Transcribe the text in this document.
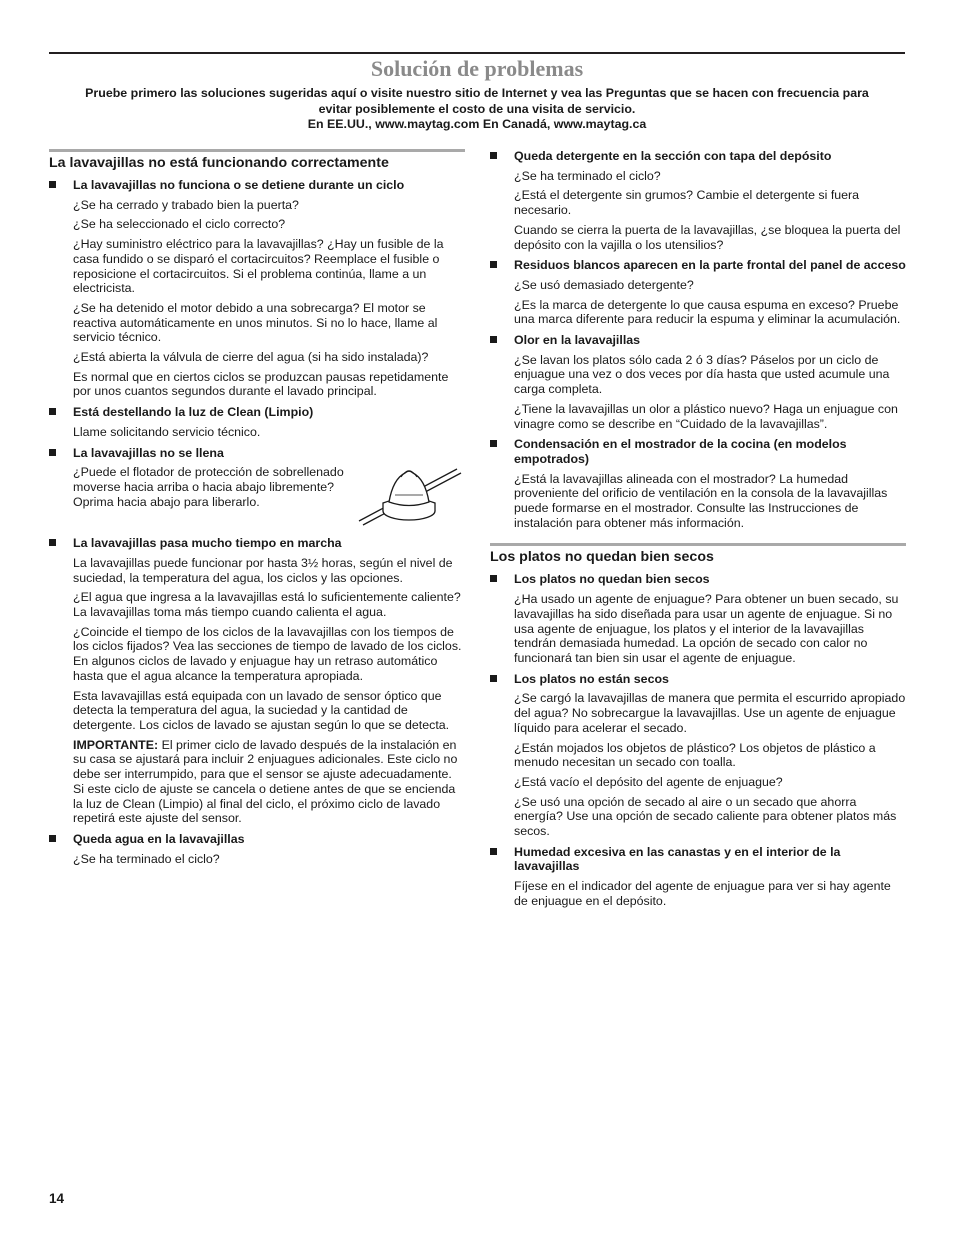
Solución de problemas
Pruebe primero las soluciones sugeridas aquí o visite nuestro sitio de Internet y vea las Preguntas que se hacen con frecuencia para
evitar posiblemente el costo de una visita de servicio.
En EE.UU., www.maytag.com En Canadá, www.maytag.ca
La lavavajillas no está funcionando correctamente
La lavavajillas no funciona o se detiene durante un ciclo

¿Se ha cerrado y trabado bien la puerta?

¿Se ha seleccionado el ciclo correcto?

¿Hay suministro eléctrico para la lavavajillas? ¿Hay un fusible de la casa fundido o se disparó el cortacircuitos? Reemplace el fusible o reposicione el cortacircuitos. Si el problema continúa, llame a un electricista.

¿Se ha detenido el motor debido a una sobrecarga? El motor se reactiva automáticamente en unos minutos. Si no lo hace, llame al servicio técnico.

¿Está abierta la válvula de cierre del agua (si ha sido instalada)?

Es normal que en ciertos ciclos se produzcan pausas repetidamente por unos cuantos segundos durante el lavado principal.

Está destellando la luz de Clean (Limpio)

Llame solicitando servicio técnico.

La lavavajillas no se llena
¿Puede el flotador de protección de sobrellenado moverse hacia arriba o hacia abajo libremente? Oprima hacia abajo para liberarlo.
La lavavajillas pasa mucho tiempo en marcha

La lavavajillas puede funcionar por hasta 3½ horas, según el nivel de suciedad, la temperatura del agua, los ciclos y las opciones.

¿El agua que ingresa a la lavavajillas está lo suficientemente caliente? La lavavajillas toma más tiempo cuando calienta el agua.

¿Coincide el tiempo de los ciclos de la lavavajillas con los tiempos de los ciclos fijados? Vea las secciones de tiempo de lavado de los ciclos. En algunos ciclos de lavado y enjuague hay un retraso automático hasta que el agua alcance la temperatura apropiada.

Esta lavavajillas está equipada con un lavado de sensor óptico que detecta la temperatura del agua, la suciedad y la cantidad de detergente. Los ciclos de lavado se ajustan según lo que se detecta.

IMPORTANTE: El primer ciclo de lavado después de la instalación en su casa se ajustará para incluir 2 enjuagues adicionales. Este ciclo no debe ser interrumpido, para que el sensor se ajuste adecuadamente. Si este ciclo de ajuste se cancela o detiene antes de que se encienda la luz de Clean (Limpio) al final del ciclo, el próximo ciclo de lavado repetirá este ajuste del sensor.

Queda agua en la lavavajillas

¿Se ha terminado el ciclo?

Queda detergente en la sección con tapa del depósito

¿Se ha terminado el ciclo?

¿Está el detergente sin grumos? Cambie el detergente si fuera necesario.

Cuando se cierra la puerta de la lavavajillas, ¿se bloquea la puerta del depósito con la vajilla o los utensilios?

Residuos blancos aparecen en la parte frontal del panel de acceso

¿Se usó demasiado detergente?

¿Es la marca de detergente lo que causa espuma en exceso? Pruebe una marca diferente para reducir la espuma y eliminar la acumulación.

Olor en la lavavajillas

¿Se lavan los platos sólo cada 2 ó 3 días? Páselos por un ciclo de enjuague una vez o dos veces por día hasta que usted acumule una carga completa.

¿Tiene la lavavajillas un olor a plástico nuevo? Haga un enjuague con vinagre como se describe en “Cuidado de la lavavajillas”.

Condensación en el mostrador de la cocina (en modelos empotrados)

¿Está la lavavajillas alineada con el mostrador? La humedad proveniente del orificio de ventilación en la consola de la lavavajillas puede formarse en el mostrador. Consulte las Instrucciones de instalación para obtener más información.

Los platos no quedan bien secos
Los platos no quedan bien secos

¿Ha usado un agente de enjuague? Para obtener un buen secado, su lavavajillas ha sido diseñada para usar un agente de enjuague. Si no usa agente de enjuague, los platos y el interior de la lavavajillas tendrán demasiada humedad. La opción de secado con calor no funcionará tan bien sin usar el agente de enjuague.

Los platos no están secos

¿Se cargó la lavavajillas de manera que permita el escurrido apropiado del agua? No sobrecargue la lavavajillas. Use un agente de enjuague líquido para acelerar el secado.

¿Están mojados los objetos de plástico? Los objetos de plástico a menudo necesitan un secado con toalla.

¿Está vacío el depósito del agente de enjuague?

¿Se usó una opción de secado al aire o un secado que ahorra energía? Use una opción de secado caliente para obtener platos más secos.

Humedad excesiva en las canastas y en el interior de la lavavajillas

Fíjese en el indicador del agente de enjuague para ver si hay agente de enjuague en el depósito.

14
